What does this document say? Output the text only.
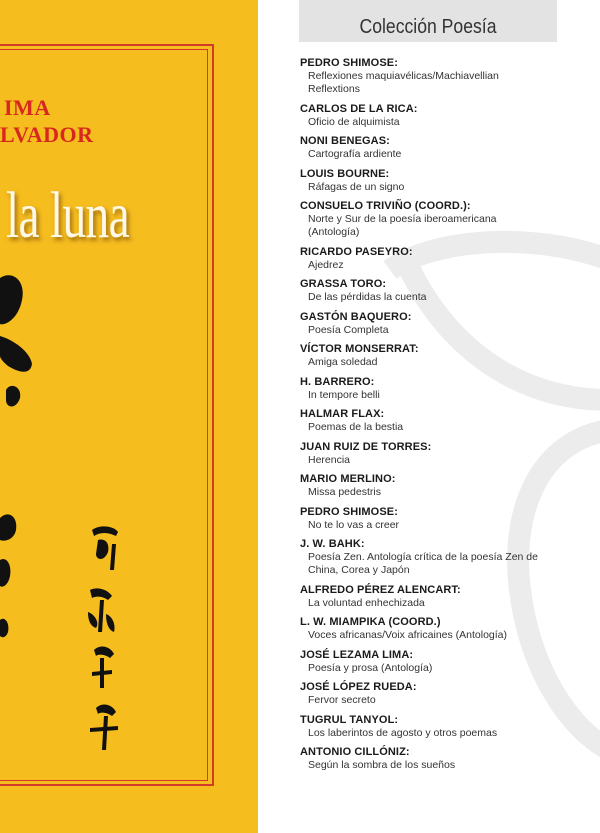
IMA
LVADOR
la luna
Colección Poesía
PEDRO SHIMOSE:
Reflexiones maquiavélicas/Machiavellian Reflextions
CARLOS DE LA RICA:
Oficio de alquimista
NONI BENEGAS:
Cartografía ardiente
LOUIS BOURNE:
Ráfagas de un signo
CONSUELO TRIVIÑO (COORD.):
Norte y Sur de la poesía iberoamericana (Antología)
RICARDO PASEYRO:
Ajedrez
GRASSA TORO:
De las pérdidas la cuenta
GASTÓN BAQUERO:
Poesía Completa
VÍCTOR MONSERRAT:
Amiga soledad
H. BARRERO:
In tempore belli
HALMAR FLAX:
Poemas de la bestia
JUAN RUIZ DE TORRES:
Herencia
MARIO MERLINO:
Missa pedestris
PEDRO SHIMOSE:
No te lo vas a creer
J. W. BAHK:
Poesía Zen. Antología crítica de la poesía Zen de China, Corea y Japón
ALFREDO PÉREZ ALENCART:
La voluntad enhechizada
L. W. MIAMPIKA (COORD.)
Voces africanas/Voix africaines (Antología)
JOSÉ LEZAMA LIMA:
Poesía y prosa (Antología)
JOSÉ LÓPEZ RUEDA:
Fervor secreto
TUGRUL TANYOL:
Los laberintos de agosto y otros poemas
ANTONIO CILLÓNIZ:
Según la sombra de los sueños
